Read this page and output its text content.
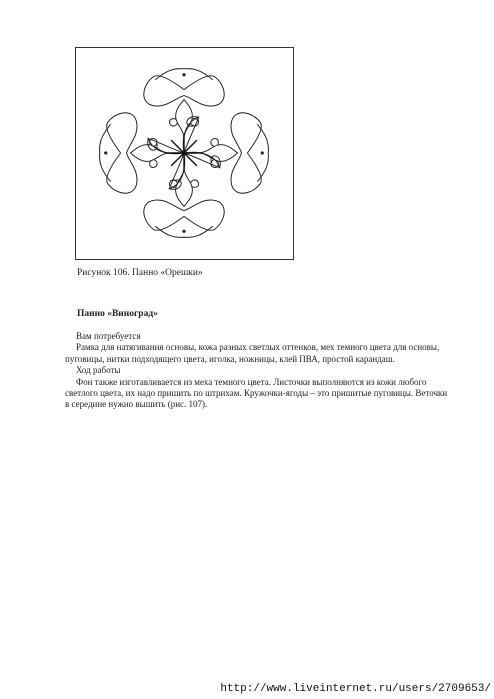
Рисунок 106. Панно «Орешки»
Панно «Виноград»

Вам потребуется

Рамка для натягивания основы, кожа разных светлых оттенков, мех темного цвета для основы, пуговицы, нитки подходящего цвета, иголка, ножницы, клей ПВА, простой карандаш.

Ход работы

Фон также изготавливается из меха темного цвета. Листочки выполняются из кожи любого светлого цвета, их надо пришить по штрихам. Кружочки-ягоды – это пришитые пуговицы. Веточки в середине нужно вышить (рис. 107).

http://www.liveinternet.ru/users/2709653/
